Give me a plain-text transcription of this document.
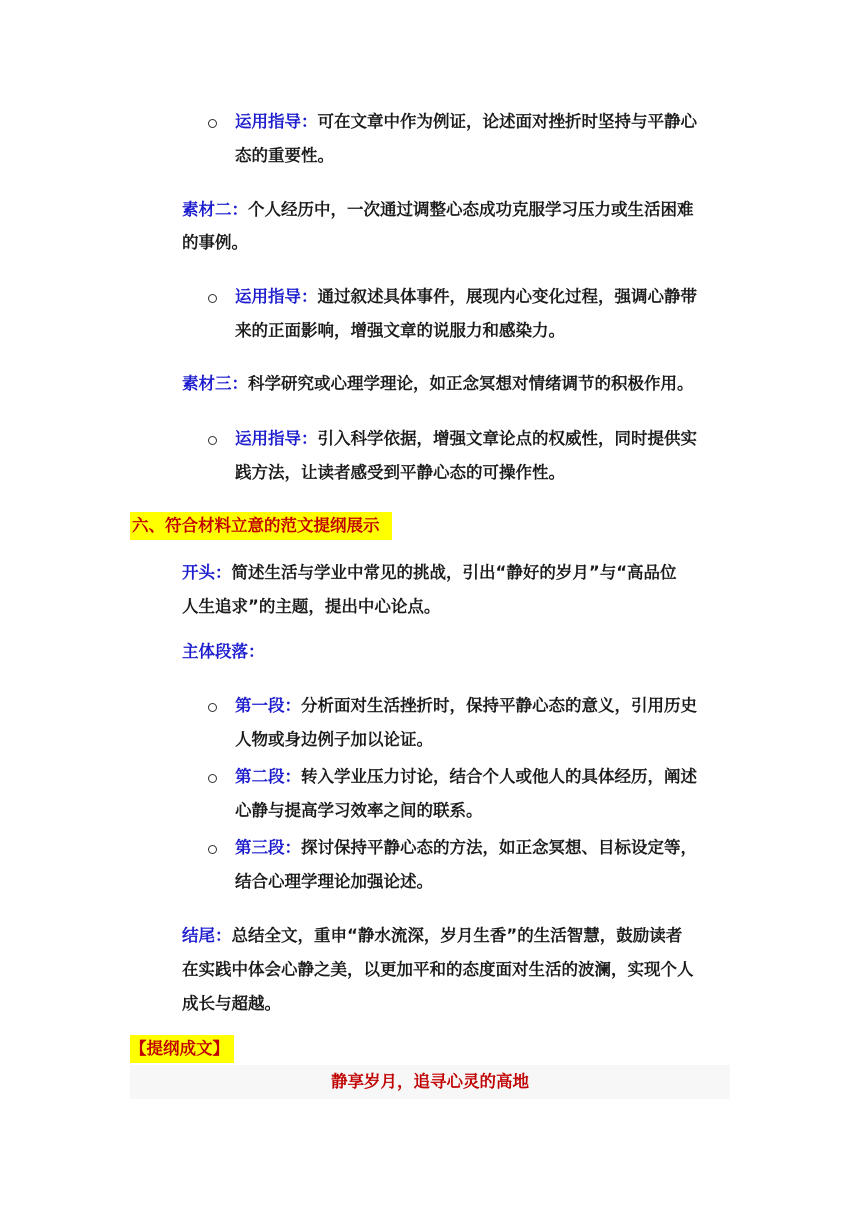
运用指导：可在文章中作为例证，论述面对挫折时坚持与平静心
态的重要性。
素材二：个人经历中，一次通过调整心态成功克服学习压力或生活困难
的事例。
运用指导：通过叙述具体事件，展现内心变化过程，强调心静带
来的正面影响，增强文章的说服力和感染力。
素材三：科学研究或心理学理论，如正念冥想对情绪调节的积极作用。
运用指导：引入科学依据，增强文章论点的权威性，同时提供实
践方法，让读者感受到平静心态的可操作性。
六、符合材料立意的范文提纲展示
开头：简述生活与学业中常见的挑战，引出“静好的岁月”与“高品位
人生追求”的主题，提出中心论点。
主体段落：
第一段：分析面对生活挫折时，保持平静心态的意义，引用历史
人物或身边例子加以论证。
第二段：转入学业压力讨论，结合个人或他人的具体经历，阐述
心静与提高学习效率之间的联系。
第三段：探讨保持平静心态的方法，如正念冥想、目标设定等，
结合心理学理论加强论述。
结尾：总结全文，重申“静水流深，岁月生香”的生活智慧，鼓励读者
在实践中体会心静之美，以更加平和的态度面对生活的波澜，实现个人
成长与超越。
【提纲成文】
静享岁月，追寻心灵的高地
